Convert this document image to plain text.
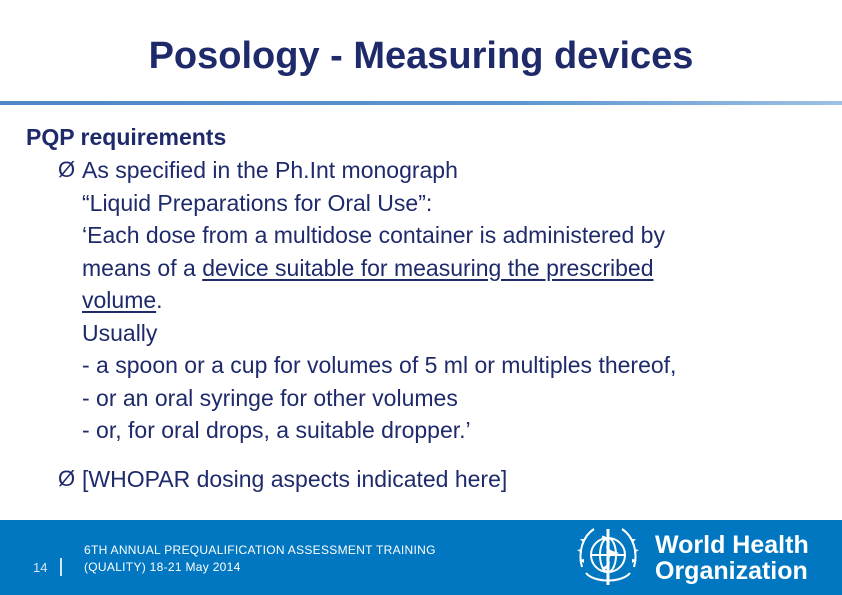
Posology - Measuring devices
PQP requirements
Ø As specified in the Ph.Int monograph
“Liquid Preparations for Oral Use”:
‘Each dose from a multidose container is administered by
means of a device suitable for measuring the prescribed
volume.
Usually
- a spoon or a cup for volumes of 5 ml or multiples thereof,
- or an oral syringe for other volumes
- or, for oral drops, a suitable dropper.’
Ø [WHOPAR dosing aspects indicated here]
14
6TH ANNUAL PREQUALIFICATION ASSESSMENT TRAINING
(QUALITY) 18-21 May 2014
World Health
Organization
